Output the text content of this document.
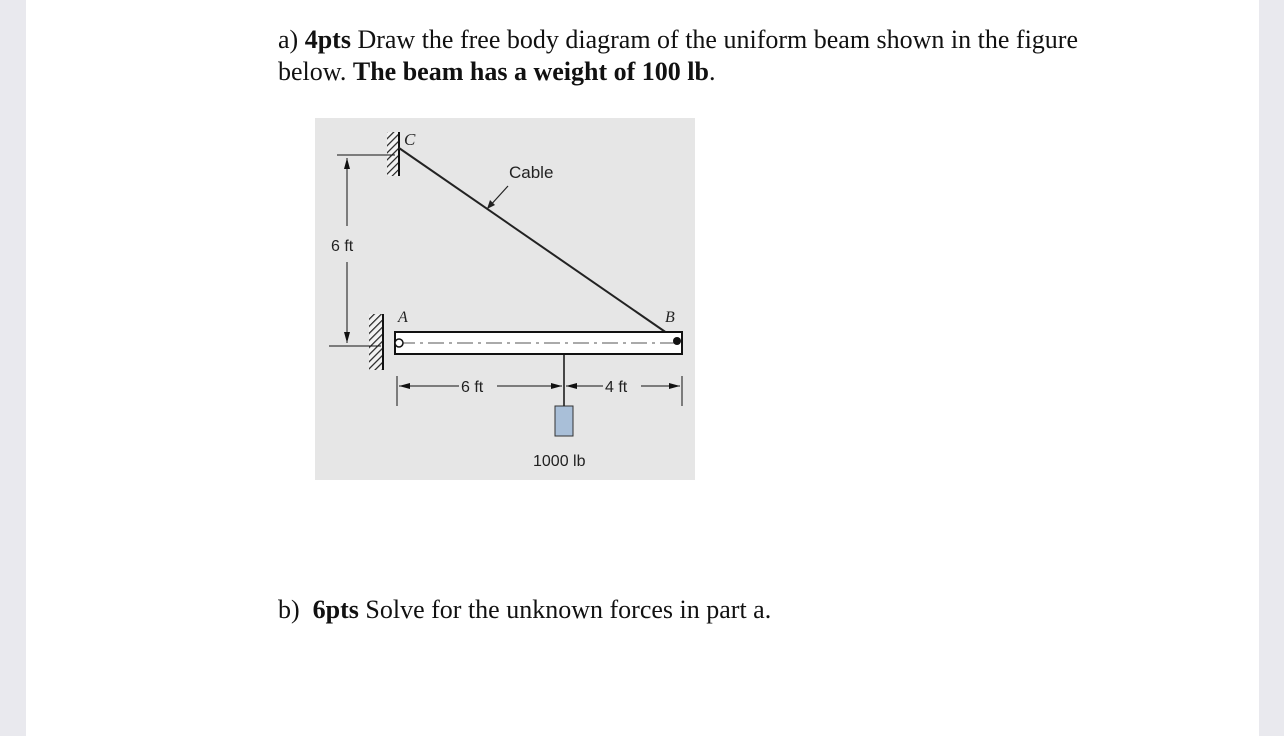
a) 4pts Draw the free body diagram of the uniform beam shown in the figure below. The beam has a weight of 100 lb.
C
A
6 ft
Cable
B
1000 lb
6 ft	4 ft
b) 6pts Solve for the unknown forces in part a.
